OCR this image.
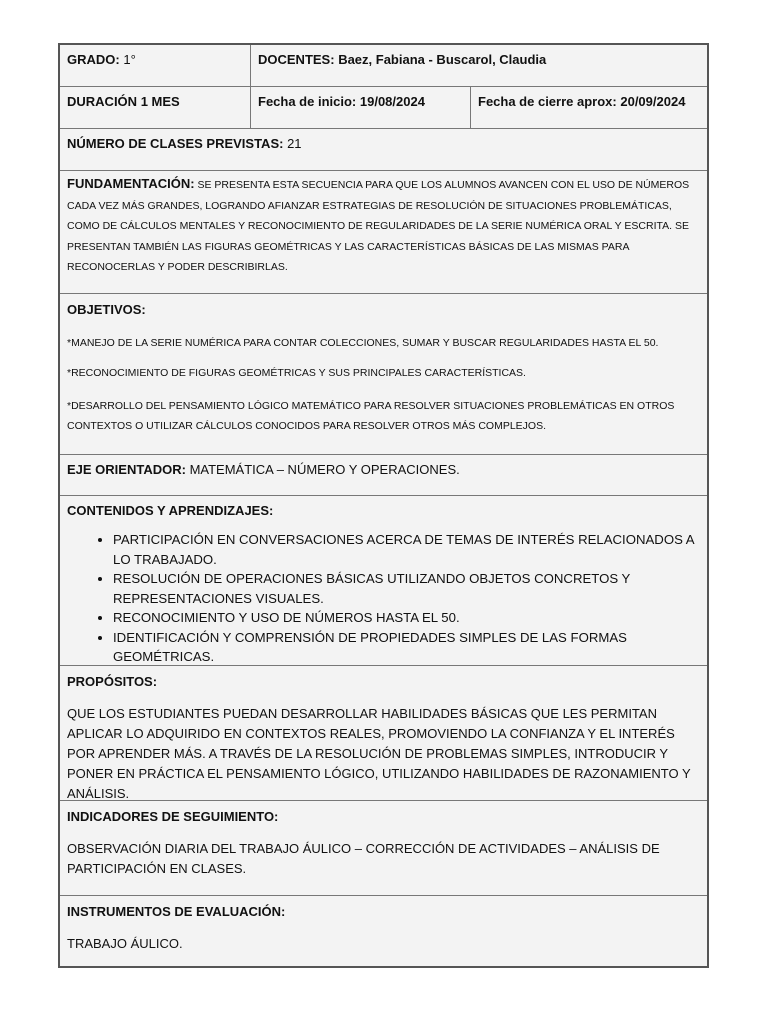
GRADO: 1°	DOCENTES: Baez, Fabiana - Buscarol, Claudia
DURACIÓN 1 MES	Fecha de inicio: 19/08/2024	Fecha de cierre aprox: 20/09/2024
NÚMERO DE CLASES PREVISTAS: 21
FUNDAMENTACIÓN: SE PRESENTA ESTA SECUENCIA PARA QUE LOS ALUMNOS AVANCEN CON EL USO DE NÚMEROS CADA VEZ MÁS GRANDES, LOGRANDO AFIANZAR ESTRATEGIAS DE RESOLUCIÓN DE SITUACIONES PROBLEMÁTICAS, COMO DE CÁLCULOS MENTALES Y RECONOCIMIENTO DE REGULARIDADES DE LA SERIE NUMÉRICA ORAL Y ESCRITA. SE PRESENTAN TAMBIÉN LAS FIGURAS GEOMÉTRICAS Y LAS CARACTERÍSTICAS BÁSICAS DE LAS MISMAS PARA RECONOCERLAS Y PODER DESCRIBIRLAS.
OBJETIVOS:

*MANEJO DE LA SERIE NUMÉRICA PARA CONTAR COLECCIONES, SUMAR Y BUSCAR REGULARIDADES HASTA EL 50.

*RECONOCIMIENTO DE FIGURAS GEOMÉTRICAS Y SUS PRINCIPALES CARACTERÍSTICAS.

*DESARROLLO DEL PENSAMIENTO LÓGICO MATEMÁTICO PARA RESOLVER SITUACIONES PROBLEMÁTICAS EN OTROS CONTEXTOS O UTILIZAR CÁLCULOS CONOCIDOS PARA RESOLVER OTROS MÁS COMPLEJOS.

EJE ORIENTADOR: MATEMÁTICA – NÚMERO Y OPERACIONES.
CONTENIDOS Y APRENDIZAJES:
• PARTICIPACIÓN EN CONVERSACIONES ACERCA DE TEMAS DE INTERÉS RELACIONADOS A LO TRABAJADO.
• RESOLUCIÓN DE OPERACIONES BÁSICAS UTILIZANDO OBJETOS CONCRETOS Y REPRESENTACIONES VISUALES.
• RECONOCIMIENTO Y USO DE NÚMEROS HASTA EL 50.
• IDENTIFICACIÓN Y COMPRENSIÓN DE PROPIEDADES SIMPLES DE LAS FORMAS GEOMÉTRICAS.
PROPÓSITOS:

QUE LOS ESTUDIANTES PUEDAN DESARROLLAR HABILIDADES BÁSICAS QUE LES PERMITAN APLICAR LO ADQUIRIDO EN CONTEXTOS REALES, PROMOVIENDO LA CONFIANZA Y EL INTERÉS POR APRENDER MÁS. A TRAVÉS DE LA RESOLUCIÓN DE PROBLEMAS SIMPLES, INTRODUCIR Y PONER EN PRÁCTICA EL PENSAMIENTO LÓGICO, UTILIZANDO HABILIDADES DE RAZONAMIENTO Y ANÁLISIS.

INDICADORES DE SEGUIMIENTO:

OBSERVACIÓN DIARIA DEL TRABAJO ÁULICO – CORRECCIÓN DE ACTIVIDADES – ANÁLISIS DE PARTICIPACIÓN EN CLASES.

INSTRUMENTOS DE EVALUACIÓN:

TRABAJO ÁULICO.
